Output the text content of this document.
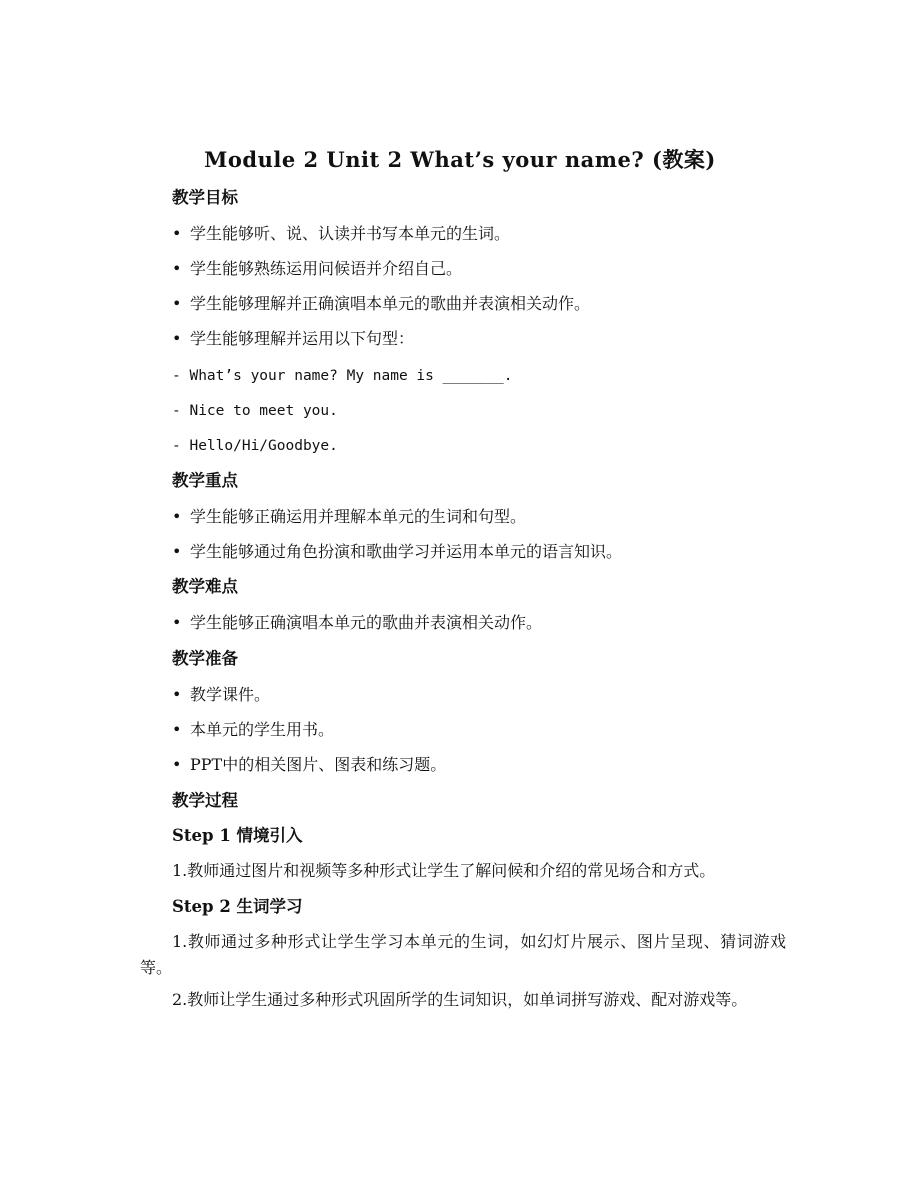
Module 2 Unit 2 What’s your name? (教案)
教学目标
• 学生能够听、说、认读并书写本单元的生词。
• 学生能够熟练运用问候语并介绍自己。
• 学生能够理解并正确演唱本单元的歌曲并表演相关动作。
• 学生能够理解并运用以下句型：
- What’s your name? My name is _______.
- Nice to meet you.
- Hello/Hi/Goodbye.
教学重点
• 学生能够正确运用并理解本单元的生词和句型。
• 学生能够通过角色扮演和歌曲学习并运用本单元的语言知识。
教学难点
• 学生能够正确演唱本单元的歌曲并表演相关动作。
教学准备
• 教学课件。
• 本单元的学生用书。
• PPT中的相关图片、图表和练习题。
教学过程
Step 1 情境引入
1.教师通过图片和视频等多种形式让学生了解问候和介绍的常见场合和方式。
Step 2 生词学习
1.教师通过多种形式让学生学习本单元的生词，如幻灯片展示、图片呈现、猜词游戏等。
2.教师让学生通过多种形式巩固所学的生词知识，如单词拼写游戏、配对游戏等。
